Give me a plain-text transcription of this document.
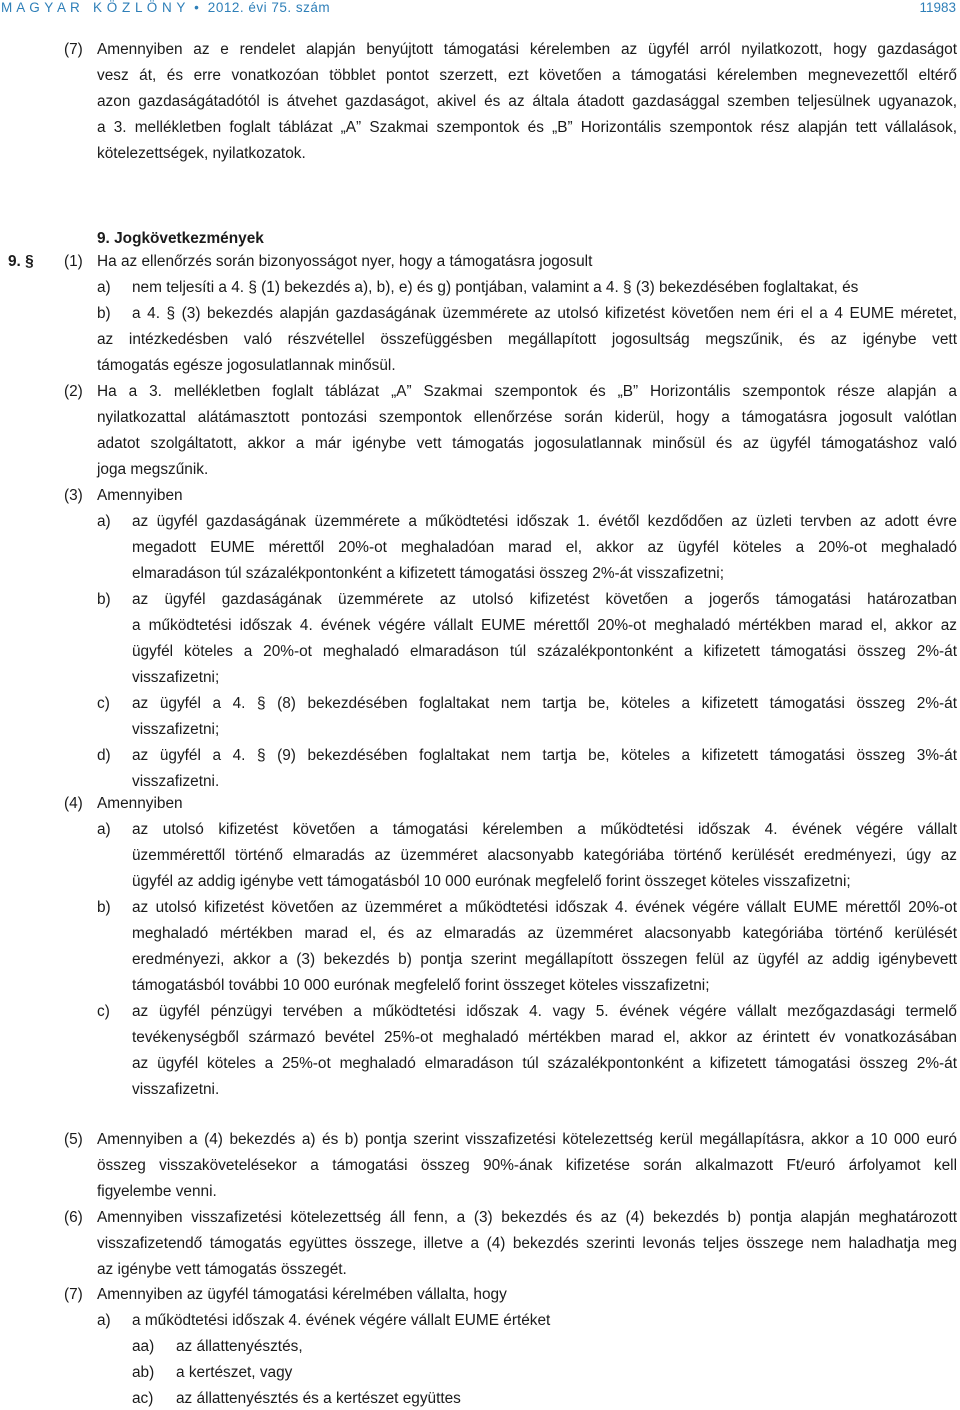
M A G Y A R   K Ö Z L Ö N Y  •  2012. évi 75. szám	11983
(7) Amennyiben az e rendelet alapján benyújtott támogatási kérelemben az ügyfél arról nyilatkozott, hogy gazdaságot
vesz át, és erre vonatkozóan többlet pontot szerzett, ezt követően a támogatási kérelemben megnevezettől eltérő
azon gazdaságátadótól is átvehet gazdaságot, akivel és az általa átadott gazdasággal szemben teljesülnek ugyanazok,
a 3. mellékletben foglalt táblázat „A” Szakmai szempontok és „B” Horizontális szempontok rész alapján tett vállalások,
kötelezettségek, nyilatkozatok.
9. Jogkövetkezmények
9. § (1) Ha az ellenőrzés során bizonyosságot nyer, hogy a támogatásra jogosult
a) nem teljesíti a 4. § (1) bekezdés a), b), e) és g) pontjában, valamint a 4. § (3) bekezdésében foglaltakat, és
b) a 4. § (3) bekezdés alapján gazdaságának üzemmérete az utolsó kifizetést követően nem éri el a 4 EUME méretet,
az intézkedésben való részvétellel összefüggésben megállapított jogosultság megszűnik, és az igénybe vett
támogatás egésze jogosulatlannak minősül.
(2) Ha a 3. mellékletben foglalt táblázat „A” Szakmai szempontok és „B” Horizontális szempontok része alapján a
nyilatkozattal alátámasztott pontozási szempontok ellenőrzése során kiderül, hogy a támogatásra jogosult valótlan
adatot szolgáltatott, akkor a már igénybe vett támogatás jogosulatlannak minősül és az ügyfél támogatáshoz való
joga megszűnik.
(3) Amennyiben
a) az ügyfél gazdaságának üzemmérete a működtetési időszak 1. évétől kezdődően az üzleti tervben az adott évre
megadott EUME mérettől 20%-ot meghaladóan marad el, akkor az ügyfél köteles a 20%-ot meghaladó
elmaradáson túl százalékpontonként a kifizetett támogatási összeg 2%-át visszafizetni;
b) az ügyfél gazdaságának üzemmérete az utolsó kifizetést követően a jogerős támogatási határozatban
a működtetési időszak 4. évének végére vállalt EUME mérettől 20%-ot meghaladó mértékben marad el, akkor az
ügyfél köteles a 20%-ot meghaladó elmaradáson túl százalékpontonként a kifizetett támogatási összeg 2%-át
visszafizetni;
c) az ügyfél a 4. § (8) bekezdésében foglaltakat nem tartja be, köteles a kifizetett támogatási összeg 2%-át
visszafizetni;
d) az ügyfél a 4. § (9) bekezdésében foglaltakat nem tartja be, köteles a kifizetett támogatási összeg 3%-át
visszafizetni.
(4) Amennyiben
a) az utolsó kifizetést követően a támogatási kérelemben a működtetési időszak 4. évének végére vállalt
üzemmérettől történő elmaradás az üzemméret alacsonyabb kategóriába történő kerülését eredményezi, úgy az
ügyfél az addig igénybe vett támogatásból 10 000 eurónak megfelelő forint összeget köteles visszafizetni;
b) az utolsó kifizetést követően az üzemméret a működtetési időszak 4. évének végére vállalt EUME mérettől 20%-ot
meghaladó mértékben marad el, és az elmaradás az üzemméret alacsonyabb kategóriába történő kerülését
eredményezi, akkor a (3) bekezdés b) pontja szerint megállapított összegen felül az ügyfél az addig igénybevett
támogatásból további 10 000 eurónak megfelelő forint összeget köteles visszafizetni;
c) az ügyfél pénzügyi tervében a működtetési időszak 4. vagy 5. évének végére vállalt mezőgazdasági termelő
tevékenységből származó bevétel 25%-ot meghaladó mértékben marad el, akkor az érintett év vonatkozásában
az ügyfél köteles a 25%-ot meghaladó elmaradáson túl százalékpontonként a kifizetett támogatási összeg 2%-át
visszafizetni.
(5) Amennyiben a (4) bekezdés a) és b) pontja szerint visszafizetési kötelezettség kerül megállapításra, akkor a 10 000 euró
összeg visszakövetelésekor a támogatási összeg 90%-ának kifizetése során alkalmazott Ft/euró árfolyamot kell
figyelembe venni.
(6) Amennyiben visszafizetési kötelezettség áll fenn, a (3) bekezdés és az (4) bekezdés b) pontja alapján meghatározott
visszafizetendő támogatás együttes összege, illetve a (4) bekezdés szerinti levonás teljes összege nem haladhatja meg
az igénybe vett támogatás összegét.
(7) Amennyiben az ügyfél támogatási kérelmében vállalta, hogy
a) a működtetési időszak 4. évének végére vállalt EUME értéket
aa) az állattenyésztés,
ab) a kertészet, vagy
ac) az állattenyésztés és a kertészet együttes
